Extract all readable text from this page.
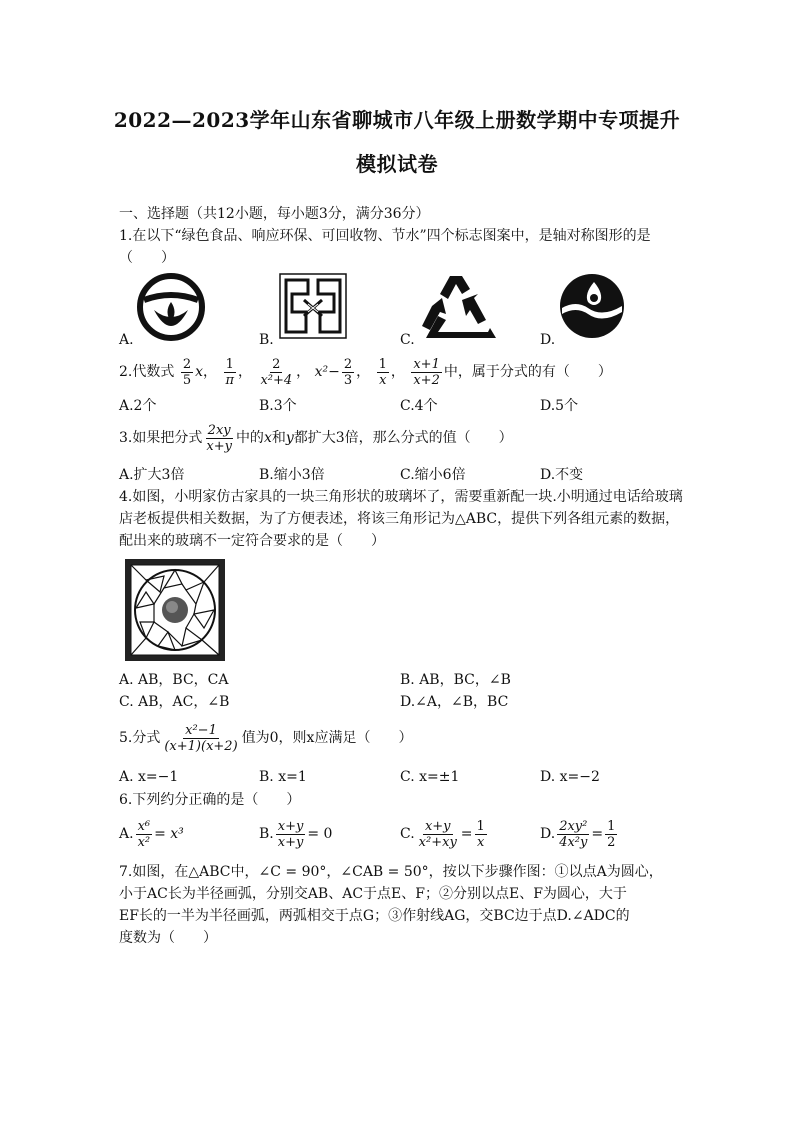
2022—2023学年山东省聊城市八年级上册数学期中专项提升
模拟试卷
一、选择题（共12小题，每小题3分，满分36分）
1.在以下“绿色食品、响应环保、可回收物、节水”四个标志图案中，是轴对称图形的是
（　　）
A.	B.	C.	D.
2.代数式 $\frac{2}{5}$ x， $\frac{1}{\pi}$ ， $\frac{2}{\text{x²+4}}$ ， $x^2- \frac{2}{3}$ ， $\frac{1}{x}$ ， $\frac{x+1}{x+2}$ 中，属于分式的有（　　）
A.2个	B.3个	C.4个	D.5个
3.如果把分式 $\frac{2xy}{x+y}$ 中的x和y都扩大3倍，那么分式的值（　　）
A.扩大3倍	B.缩小3倍	C.缩小6倍	D.不变
4.如图，小明家仿古家具的一块三角形状的玻璃坏了，需要重新配一块.小明通过电话给玻璃
店老板提供相关数据，为了方便表述，将该三角形记为△ABC，提供下列各组元素的数据，
配出来的玻璃不一定符合要求的是（　　）
A. AB，BC，CA	B. AB，BC，∠B
C. AB，AC，∠B	D.∠A，∠B，BC
5.分式 $\frac{\text{x²−1}}{(x+1)(x+2)}$ 值为0，则x应满足（　　）
A. x=−1	B. x=1	C. x=±1	D. x=−2
6.下列约分正确的是（　　）
A. $\frac{\text{x⁶}}{\text{x²}} = x^3$	B. $\frac{x+y}{x+y} = 0$	C. $\frac{x+y}{\text{x²+xy}} = \frac{1}{x}$	D. $\frac{\text{2xy²}}{\text{4x²y}} = \frac{1}{2}$
7.如图，在△ABC中，∠C = 90°，∠CAB = 50°，按以下步骤作图：①以点A为圆心，
小于AC长为半径画弧，分别交AB、AC于点E、F；②分别以点E、F为圆心，大于
EF长的一半为半径画弧，两弧相交于点G；③作射线AG，交BC边于点D.∠ADC的
度数为（　　）
